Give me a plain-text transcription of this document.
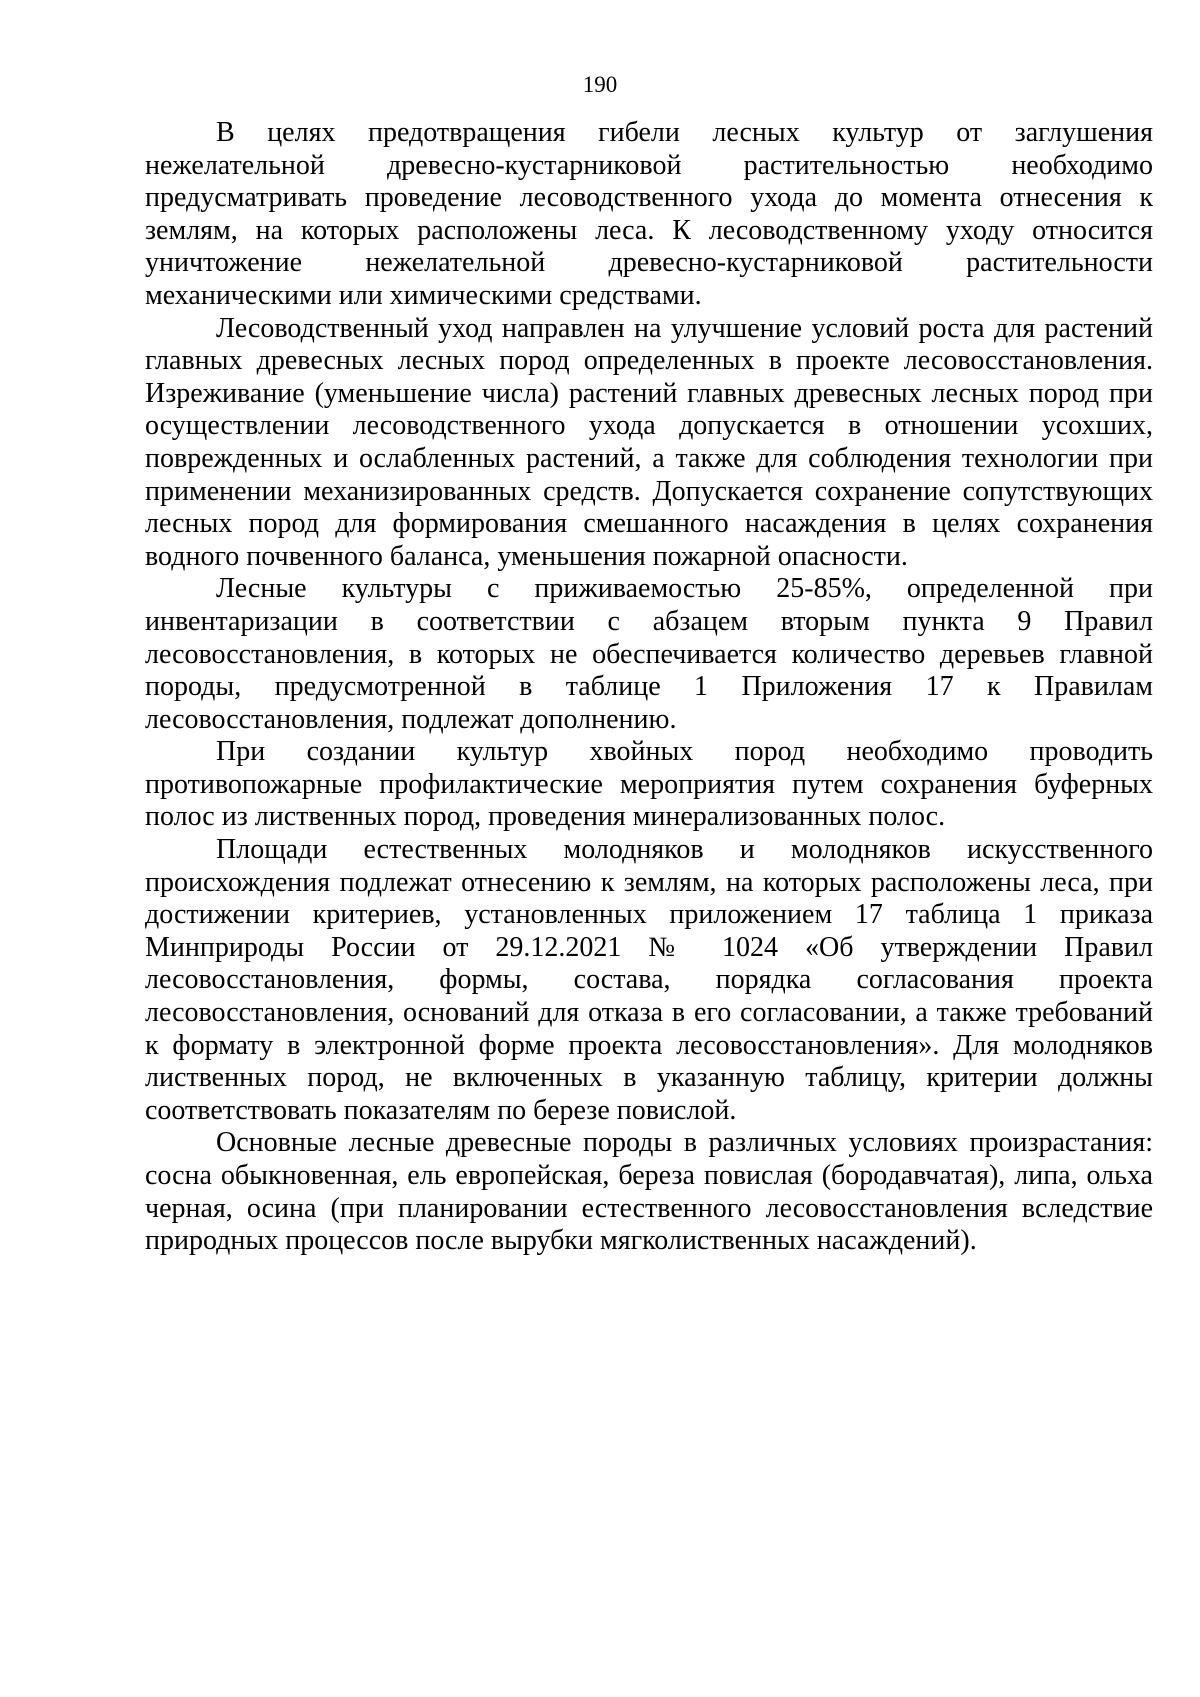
190

В целях предотвращения гибели лесных культур от заглушения нежелательной древесно-кустарниковой растительностью необходимо предусматривать проведение лесоводственного ухода до момента отнесения к землям, на которых расположены леса. К лесоводственному уходу относится уничтожение нежелательной древесно-кустарниковой растительности механическими или химическими средствами.

Лесоводственный уход направлен на улучшение условий роста для растений главных древесных лесных пород определенных в проекте лесовосстановления. Изреживание (уменьшение числа) растений главных древесных лесных пород при осуществлении лесоводственного ухода допускается в отношении усохших, поврежденных и ослабленных растений, а также для соблюдения технологии при применении механизированных средств. Допускается сохранение сопутствующих лесных пород для формирования смешанного насаждения в целях сохранения водного почвенного баланса, уменьшения пожарной опасности.

Лесные культуры с приживаемостью 25-85%, определенной при инвентаризации в соответствии с абзацем вторым пункта 9 Правил лесовосстановления, в которых не обеспечивается количество деревьев главной породы, предусмотренной в таблице 1 Приложения 17 к Правилам лесовосстановления, подлежат дополнению.

При создании культур хвойных пород необходимо проводить противопожарные профилактические мероприятия путем сохранения буферных полос из лиственных пород, проведения минерализованных полос.

Площади естественных молодняков и молодняков искусственного происхождения подлежат отнесению к землям, на которых расположены леса, при достижении критериев, установленных приложением 17 таблица 1 приказа Минприроды России от 29.12.2021 № 1024 «Об утверждении Правил лесовосстановления, формы, состава, порядка согласования проекта лесовосстановления, оснований для отказа в его согласовании, а также требований к формату в электронной форме проекта лесовосстановления». Для молодняков лиственных пород, не включенных в указанную таблицу, критерии должны соответствовать показателям по березе повислой.

Основные лесные древесные породы в различных условиях произрастания: сосна обыкновенная, ель европейская, береза повислая (бородавчатая), липа, ольха черная, осина (при планировании естественного лесовосстановления вследствие природных процессов после вырубки мягколиственных насаждений).
